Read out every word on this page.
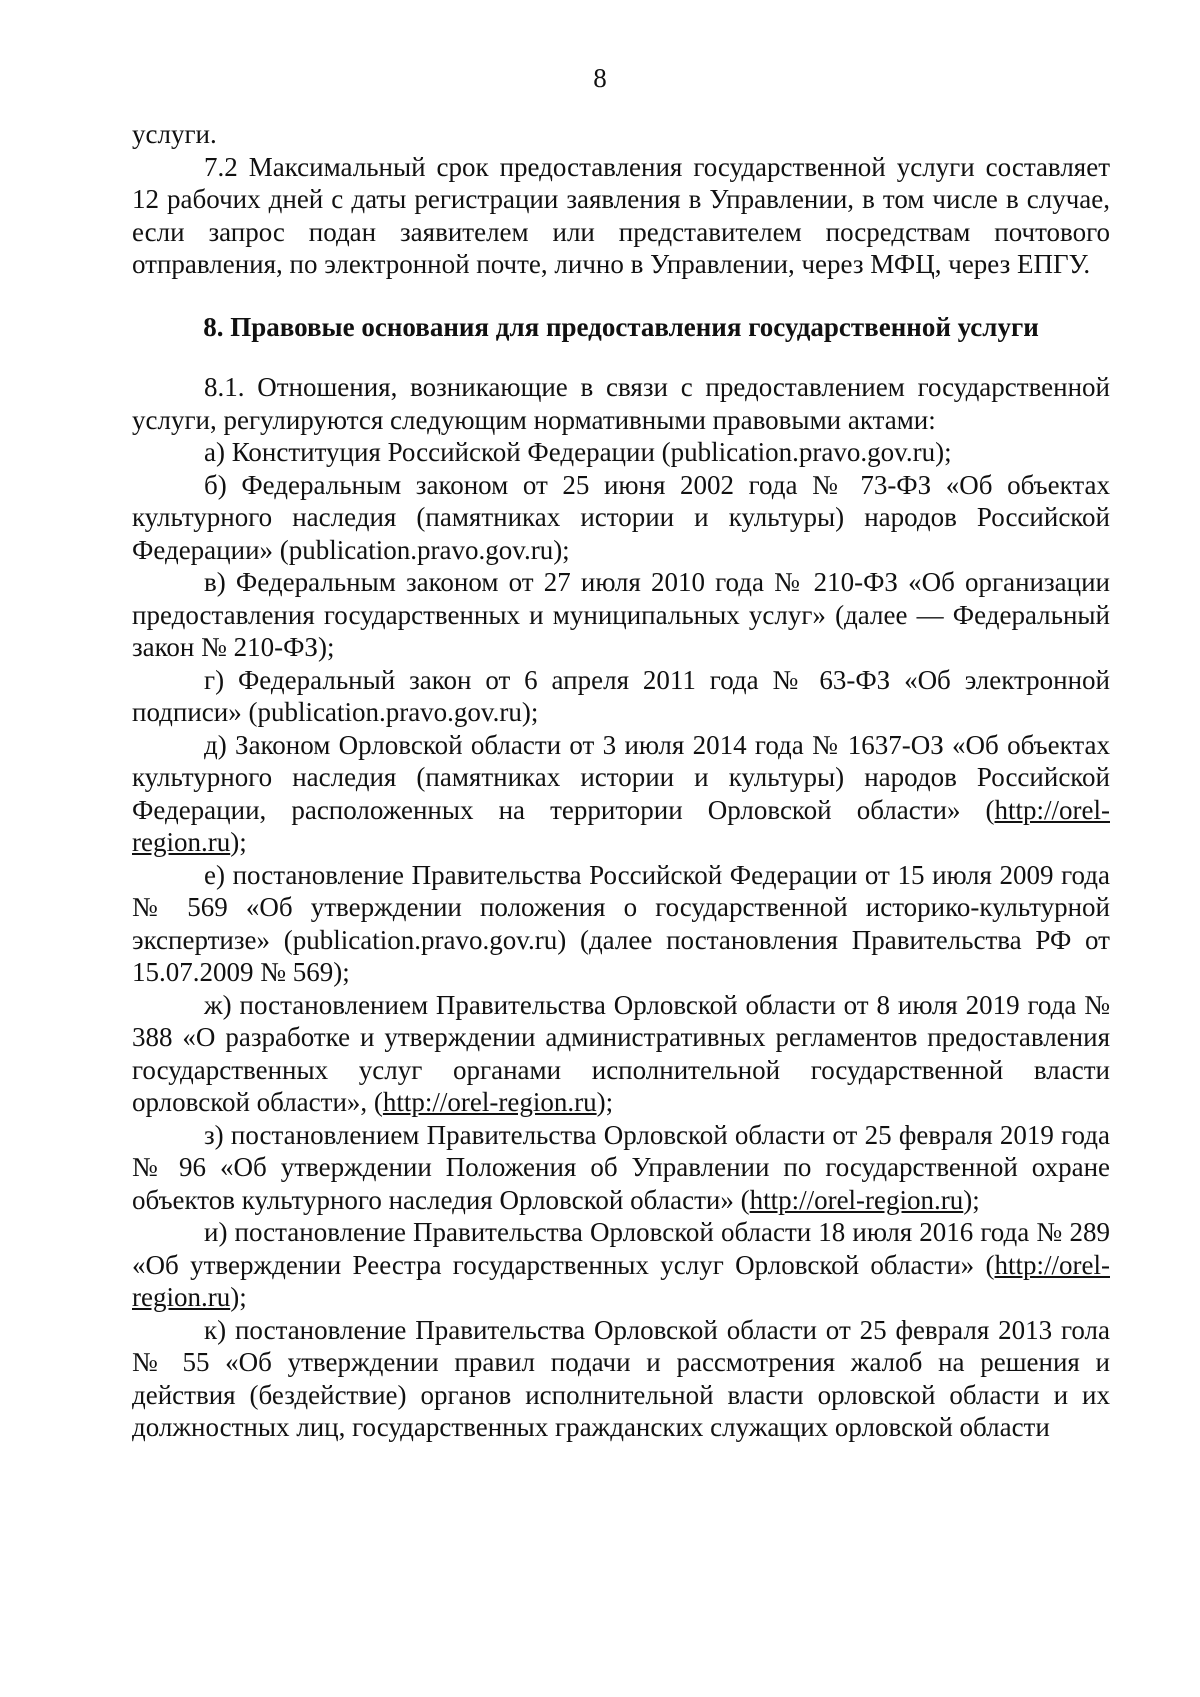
8

услуги.

7.2 Максимальный срок предоставления государственной услуги составляет 12 рабочих дней с даты регистрации заявления в Управлении, в том числе в случае, если запрос подан заявителем или представителем посредствам почтового отправления, по электронной почте, лично в Управлении, через МФЦ, через ЕПГУ.

8. Правовые основания для предоставления государственной услуги

8.1. Отношения, возникающие в связи с предоставлением государственной услуги, регулируются следующим нормативными правовыми актами:

а) Конституция Российской Федерации (publication.pravo.gov.ru);

б) Федеральным законом от 25 июня 2002 года № 73-ФЗ «Об объектах культурного наследия (памятниках истории и культуры) народов Российской Федерации» (publication.pravo.gov.ru);

в) Федеральным законом от 27 июля 2010 года № 210-ФЗ «Об организации предоставления государственных и муниципальных услуг» (далее — Федеральный закон № 210-ФЗ);

г) Федеральный закон от 6 апреля 2011 года № 63-ФЗ «Об электронной подписи» (publication.pravo.gov.ru);

д) Законом Орловской области от 3 июля 2014 года № 1637-ОЗ «Об объектах культурного наследия (памятниках истории и культуры) народов Российской Федерации, расположенных на территории Орловской области» (http://orel-region.ru);

е) постановление Правительства Российской Федерации от 15 июля 2009 года № 569 «Об утверждении положения о государственной историко-культурной экспертизе» (publication.pravo.gov.ru) (далее постановления Правительства РФ от 15.07.2009 № 569);

ж) постановлением Правительства Орловской области от 8 июля 2019 года № 388 «О разработке и утверждении административных регламентов предоставления государственных услуг органами исполнительной государственной власти орловской области», (http://orel-region.ru);

з) постановлением Правительства Орловской области от 25 февраля 2019 года № 96 «Об утверждении Положения об Управлении по государственной охране объектов культурного наследия Орловской области» (http://orel-region.ru);

и) постановление Правительства Орловской области 18 июля 2016 года № 289 «Об утверждении Реестра государственных услуг Орловской области» (http://orel-region.ru);

к) постановление Правительства Орловской области от 25 февраля 2013 гола № 55 «Об утверждении правил подачи и рассмотрения жалоб на решения и действия (бездействие) органов исполнительной власти орловской области и их должностных лиц, государственных гражданских служащих орловской области
